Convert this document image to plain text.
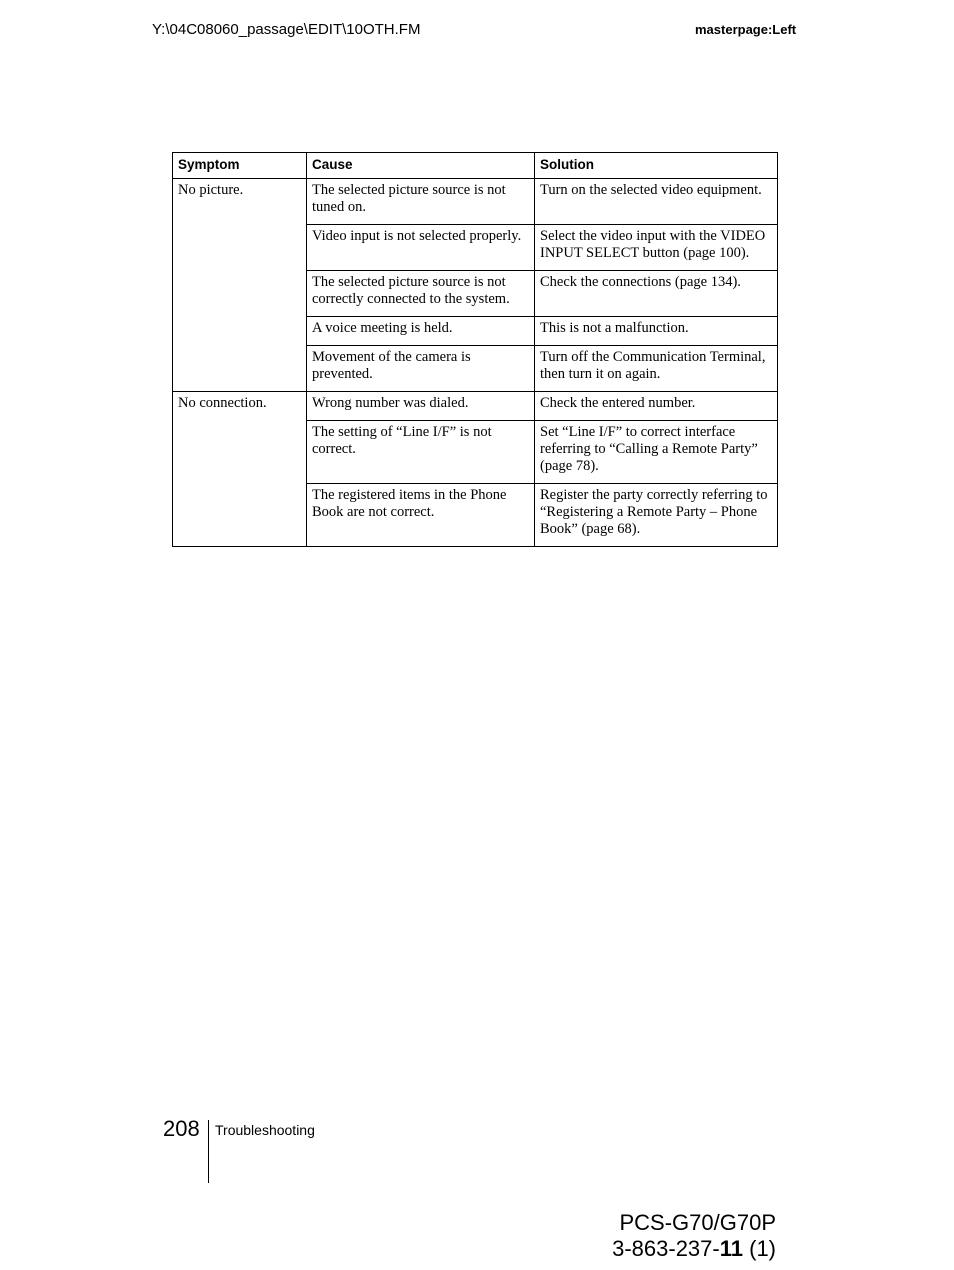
Y:\04C08060_passage\EDIT\10OTH.FM	masterpage:Left
Symptom	Cause	Solution
No picture.	The selected picture source is not tuned on.	Turn on the selected video equipment.
	Video input is not selected properly.	Select the video input with the VIDEO INPUT SELECT button (page 100).
	The selected picture source is not correctly connected to the system.	Check the connections (page 134).
	A voice meeting is held.	This is not a malfunction.
	Movement of the camera is prevented.	Turn off the Communication Terminal, then turn it on again.
No connection.	Wrong number was dialed.	Check the entered number.
	The setting of “Line I/F” is not correct.	Set “Line I/F” to correct interface referring to “Calling a Remote Party” (page 78).
	The registered items in the Phone Book are not correct.	Register the party correctly referring to “Registering a Remote Party – Phone Book” (page 68).
208 Troubleshooting
PCS-G70/G70P
3-863-237-11 (1)
